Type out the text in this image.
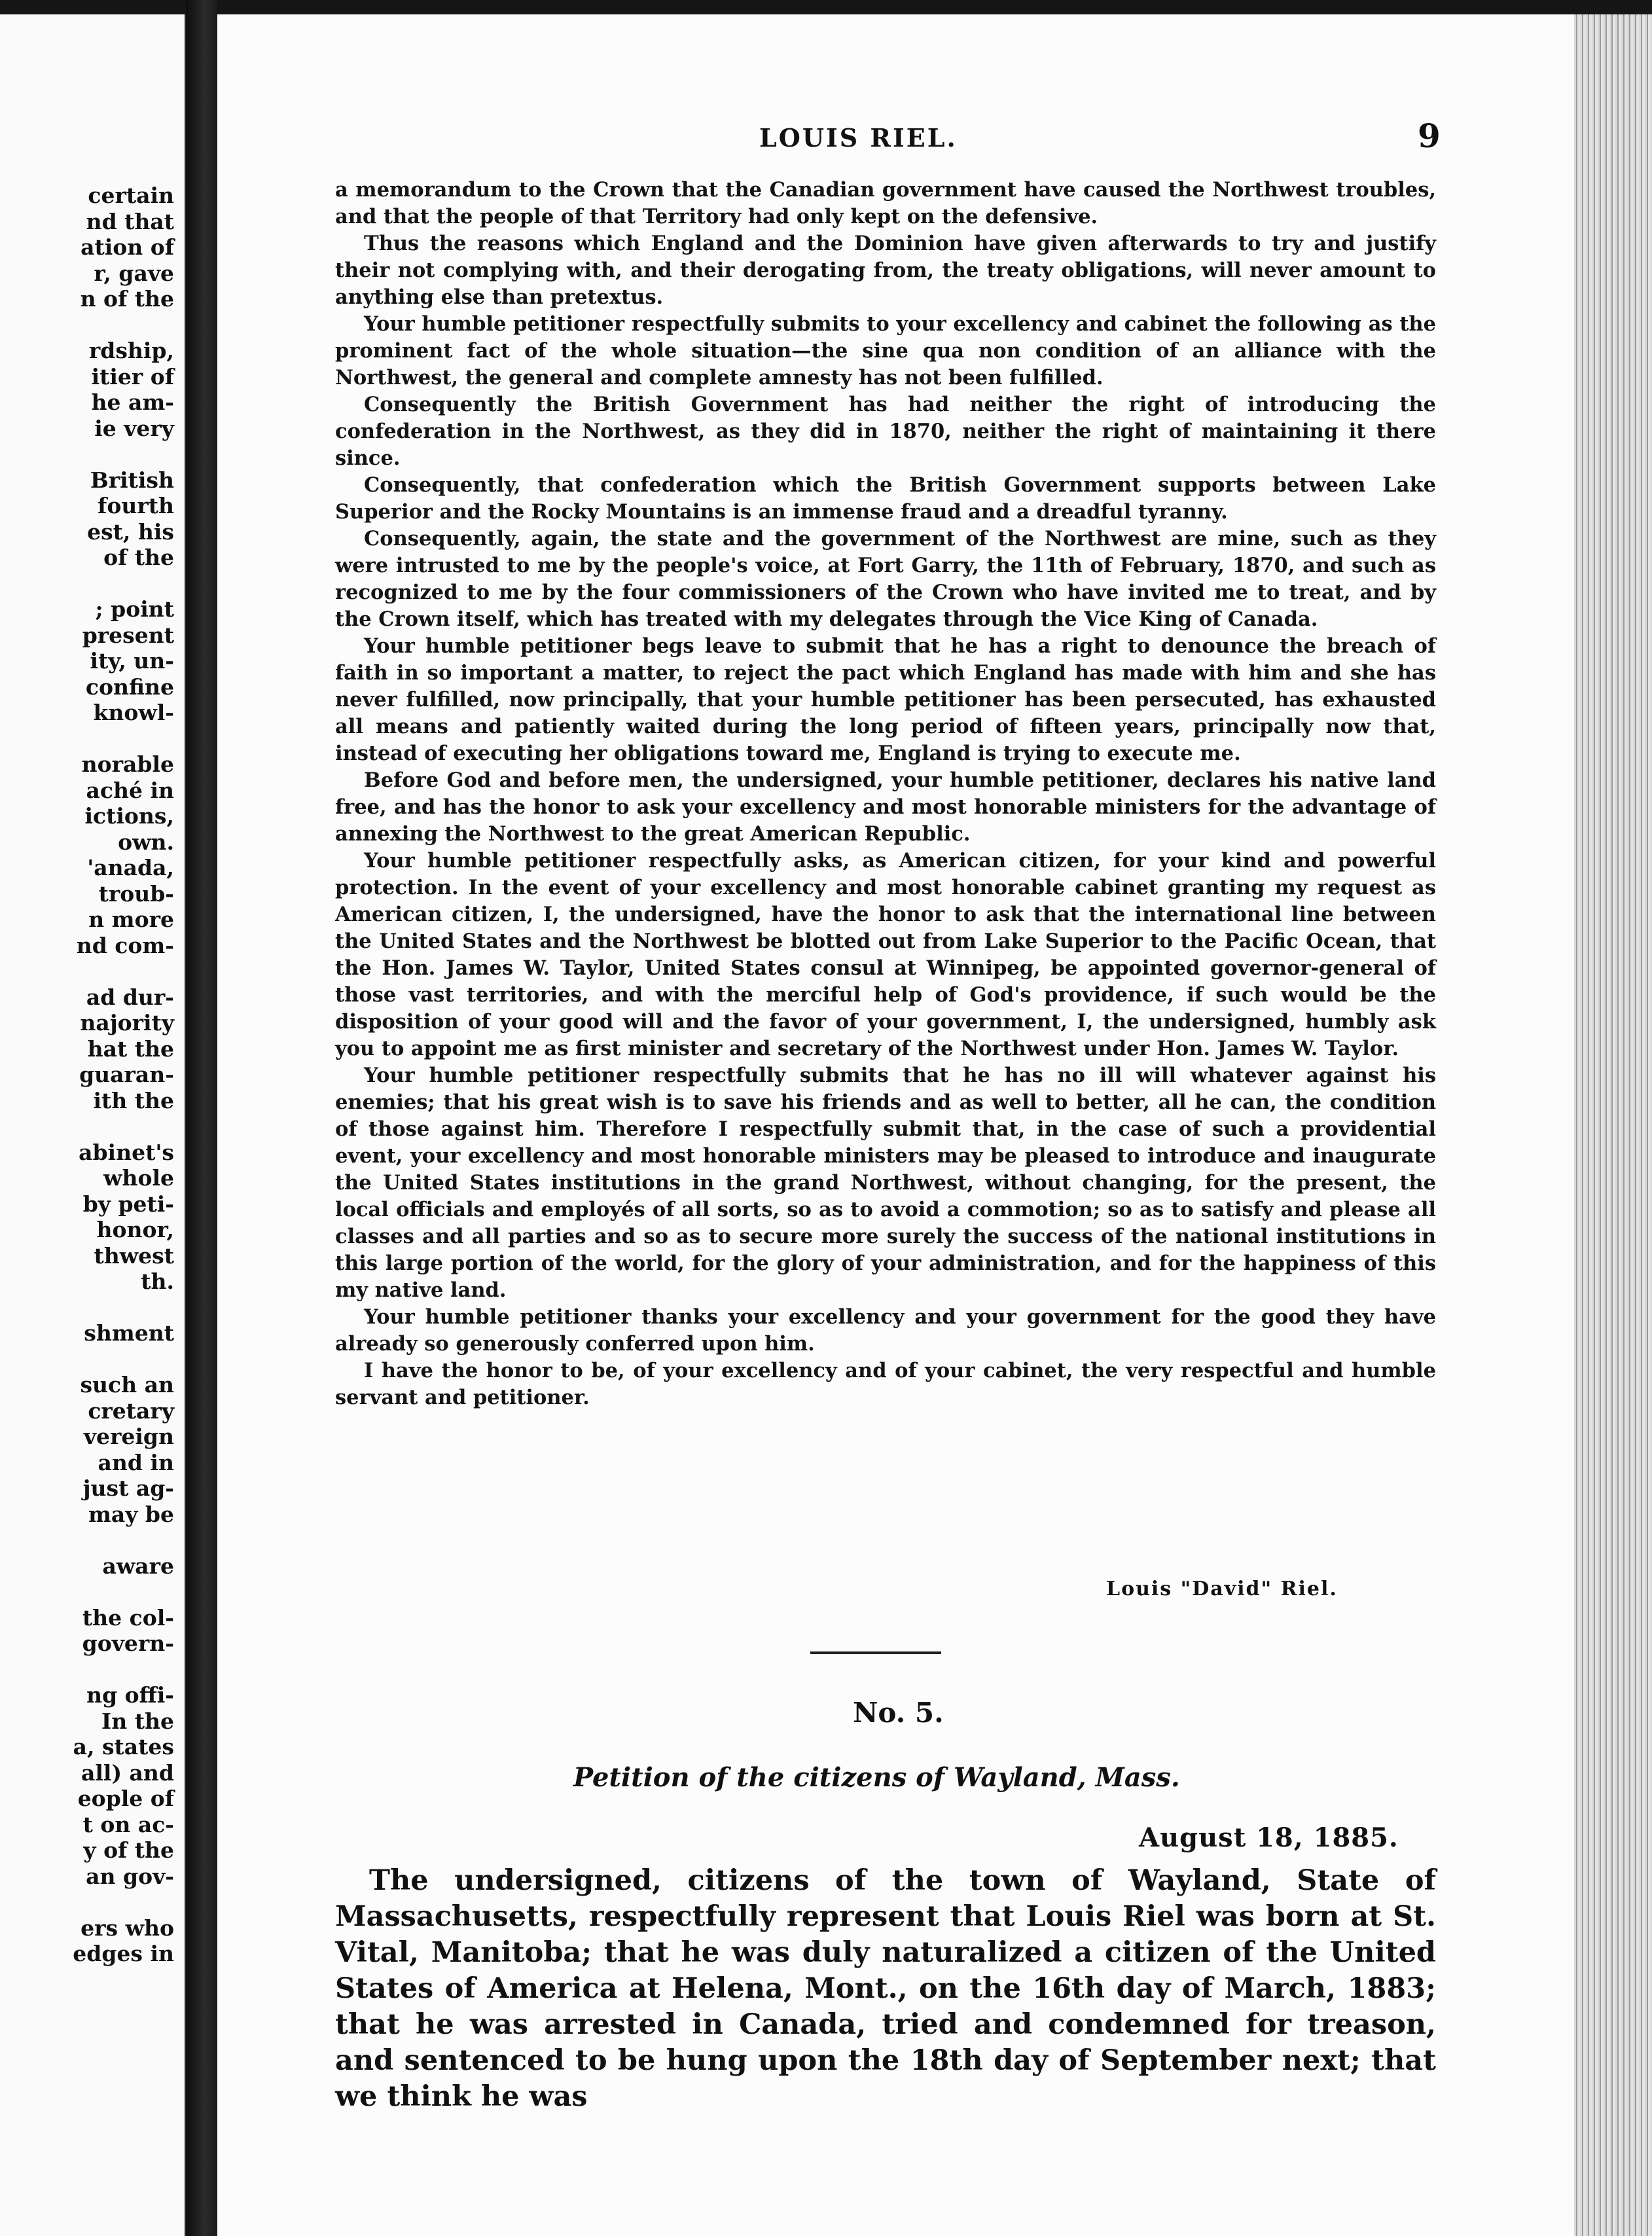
certain
nd that
ation of
r, gave
n of the
rdship,
itier of
he am-
ie very
British
fourth
est, his
of the
; point
present
ity, un-
confine
knowl-
norable
aché in
ictions,
own.
'anada,
troub-
n more
nd com-
ad dur-
najority
hat the
guaran-
ith the
abinet's
whole
by peti-
honor,
thwest
th.
shment
such an
cretary
vereign
and in
just ag-
may be
aware
the col-
govern-
ng offi-
In the
a, states
all) and
eople of
t on ac-
y of the
an gov-
ers who
edges in
LOUIS RIEL.	9

a memorandum to the Crown that the Canadian government have caused the Northwest troubles, and that the people of that Territory had only kept on the defensive.

Thus the reasons which England and the Dominion have given afterwards to try and justify their not complying with, and their derogating from, the treaty obligations, will never amount to anything else than pretextus.

Your humble petitioner respectfully submits to your excellency and cabinet the following as the prominent fact of the whole situation—the sine qua non condition of an alliance with the Northwest, the general and complete amnesty has not been fulfilled.

Consequently the British Government has had neither the right of introducing the confederation in the Northwest, as they did in 1870, neither the right of maintaining it there since.

Consequently, that confederation which the British Government supports between Lake Superior and the Rocky Mountains is an immense fraud and a dreadful tyranny.

Consequently, again, the state and the government of the Northwest are mine, such as they were intrusted to me by the people's voice, at Fort Garry, the 11th of February, 1870, and such as recognized to me by the four commissioners of the Crown who have invited me to treat, and by the Crown itself, which has treated with my delegates through the Vice King of Canada.

Your humble petitioner begs leave to submit that he has a right to denounce the breach of faith in so important a matter, to reject the pact which England has made with him and she has never fulfilled, now principally, that your humble petitioner has been persecuted, has exhausted all means and patiently waited during the long period of fifteen years, principally now that, instead of executing her obligations toward me, England is trying to execute me.

Before God and before men, the undersigned, your humble petitioner, declares his native land free, and has the honor to ask your excellency and most honorable ministers for the advantage of annexing the Northwest to the great American Republic.

Your humble petitioner respectfully asks, as American citizen, for your kind and powerful protection. In the event of your excellency and most honorable cabinet granting my request as American citizen, I, the undersigned, have the honor to ask that the international line between the United States and the Northwest be blotted out from Lake Superior to the Pacific Ocean, that the Hon. James W. Taylor, United States consul at Winnipeg, be appointed governor-general of those vast territories, and with the merciful help of God's providence, if such would be the disposition of your good will and the favor of your government, I, the undersigned, humbly ask you to appoint me as first minister and secretary of the Northwest under Hon. James W. Taylor.

Your humble petitioner respectfully submits that he has no ill will whatever against his enemies; that his great wish is to save his friends and as well to better, all he can, the condition of those against him. Therefore I respectfully submit that, in the case of such a providential event, your excellency and most honorable ministers may be pleased to introduce and inaugurate the United States institutions in the grand Northwest, without changing, for the present, the local officials and employés of all sorts, so as to avoid a commotion; so as to satisfy and please all classes and all parties and so as to secure more surely the success of the national institutions in this large portion of the world, for the glory of your administration, and for the happiness of this my native land.

Your humble petitioner thanks your excellency and your government for the good they have already so generously conferred upon him.

I have the honor to be, of your excellency and of your cabinet, the very respectful and humble servant and petitioner.

Louis "David" Riel.
No. 5.
Petition of the citizens of Wayland, Mass.
August 18, 1885.

The undersigned, citizens of the town of Wayland, State of Massachusetts, respectfully represent that Louis Riel was born at St. Vital, Manitoba; that he was duly naturalized a citizen of the United States of America at Helena, Mont., on the 16th day of March, 1883; that he was arrested in Canada, tried and condemned for treason, and sentenced to be hung upon the 18th day of September next; that we think he was
